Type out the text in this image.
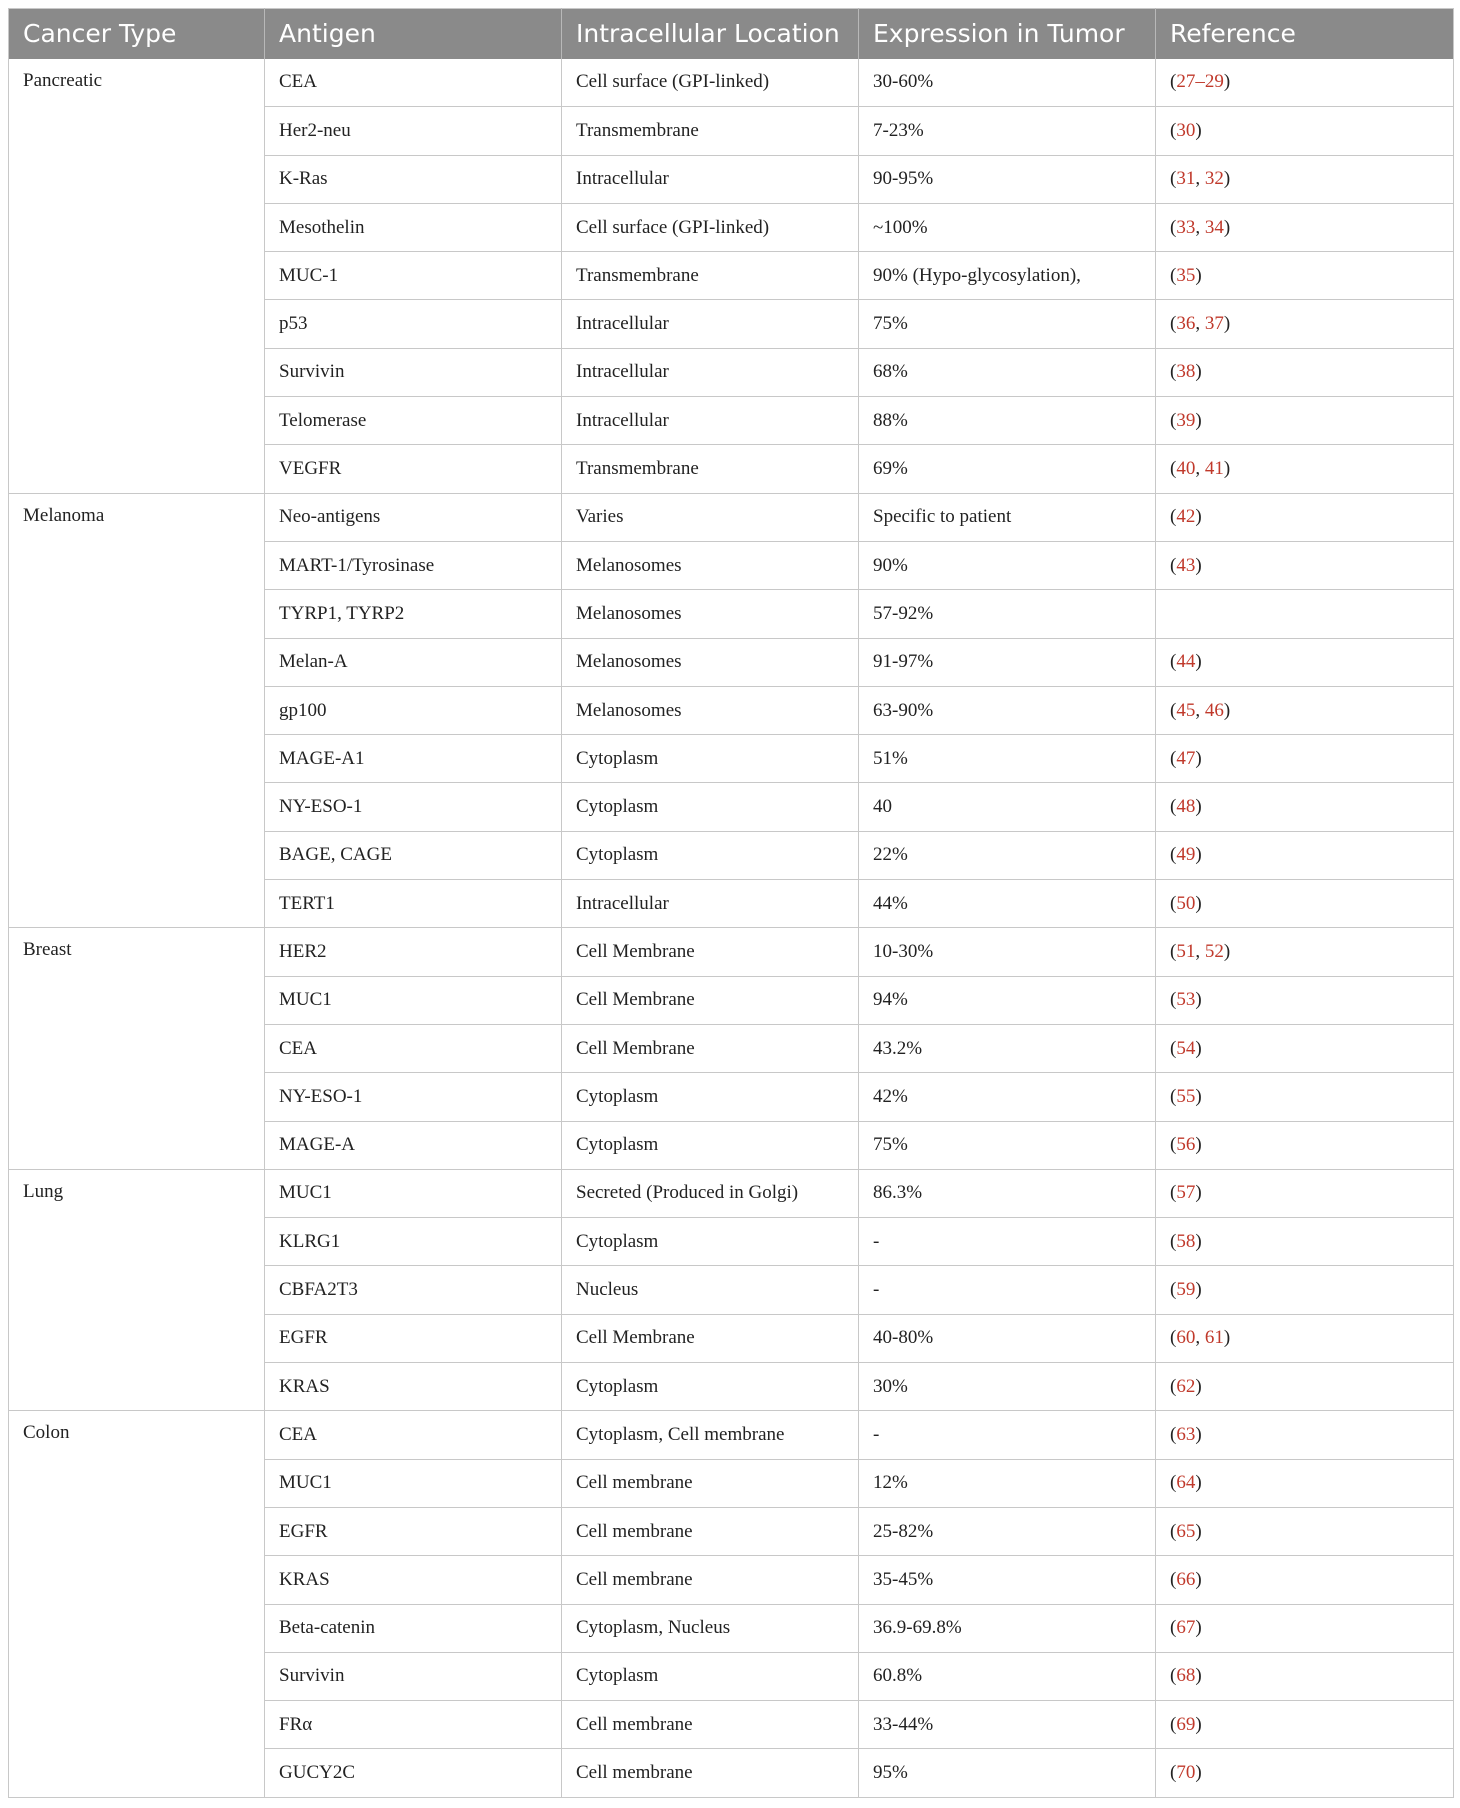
Cancer Type	Antigen	Intracellular Location	Expression in Tumor	Reference
Pancreatic	CEA	Cell surface (GPI-linked)	30-60%	(27–29)
	Her2-neu	Transmembrane	7-23%	(30)
	K-Ras	Intracellular	90-95%	(31, 32)
	Mesothelin	Cell surface (GPI-linked)	~100%	(33, 34)
	MUC-1	Transmembrane	90% (Hypo-glycosylation),	(35)
	p53	Intracellular	75%	(36, 37)
	Survivin	Intracellular	68%	(38)
	Telomerase	Intracellular	88%	(39)
	VEGFR	Transmembrane	69%	(40, 41)
Melanoma	Neo-antigens	Varies	Specific to patient	(42)
	MART-1/Tyrosinase	Melanosomes	90%	(43)
	TYRP1, TYRP2	Melanosomes	57-92%	
	Melan-A	Melanosomes	91-97%	(44)
	gp100	Melanosomes	63-90%	(45, 46)
	MAGE-A1	Cytoplasm	51%	(47)
	NY-ESO-1	Cytoplasm	40	(48)
	BAGE, CAGE	Cytoplasm	22%	(49)
	TERT1	Intracellular	44%	(50)
Breast	HER2	Cell Membrane	10-30%	(51, 52)
	MUC1	Cell Membrane	94%	(53)
	CEA	Cell Membrane	43.2%	(54)
	NY-ESO-1	Cytoplasm	42%	(55)
	MAGE-A	Cytoplasm	75%	(56)
Lung	MUC1	Secreted (Produced in Golgi)	86.3%	(57)
	KLRG1	Cytoplasm	-	(58)
	CBFA2T3	Nucleus	-	(59)
	EGFR	Cell Membrane	40-80%	(60, 61)
	KRAS	Cytoplasm	30%	(62)
Colon	CEA	Cytoplasm, Cell membrane	-	(63)
	MUC1	Cell membrane	12%	(64)
	EGFR	Cell membrane	25-82%	(65)
	KRAS	Cell membrane	35-45%	(66)
	Beta-catenin	Cytoplasm, Nucleus	36.9-69.8%	(67)
	Survivin	Cytoplasm	60.8%	(68)
	FRα	Cell membrane	33-44%	(69)
	GUCY2C	Cell membrane	95%	(70)
